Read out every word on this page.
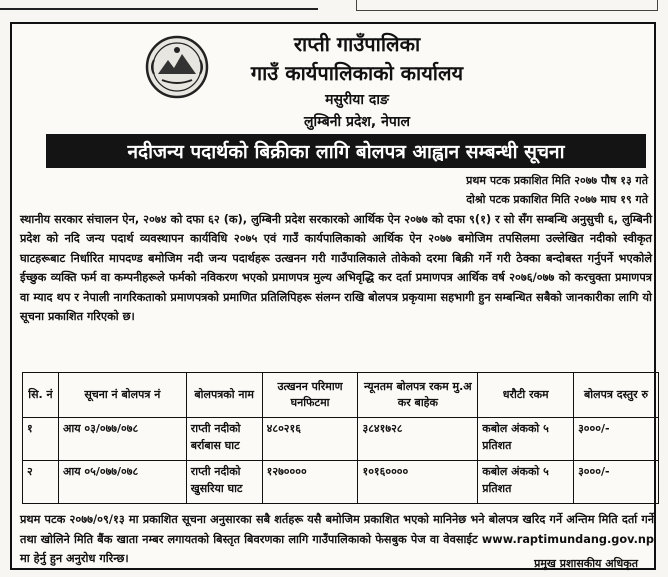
राप्ती गाउँपालिका
गाउँ कार्यपालिकाको कार्यालय
मसुरीया दाङ
लुम्बिनी प्रदेश, नेपाल
नदीजन्य पदार्थको बिक्रीका लागि बोलपत्र आह्वान सम्बन्धी सूचना
प्रथम पटक प्रकाशित मिति २०७७ पौष १३ गते
दोश्रो पटक प्रकाशित मिति २०७७ माघ १९ गते
स्थानीय सरकार संचालन ऐन, २०७४ को दफा ६२ (क), लुम्बिनी प्रदेश सरकारको आर्थिक ऐन २०७७ को दफा ९(१) र सो सँग सम्बन्धि अनुसुची ६, लुम्बिनी प्रदेश को नदि जन्य पदार्थ व्यवस्थापन कार्यविधि २०७५ एवं गाउँ कार्यपालिकाको आर्थिक ऐन २०७७ बमोजिम तपसिलमा उल्लेखित नदीको स्वीकृत घाटहरूबाट निर्धारित मापदण्ड बमोजिम नदी जन्य पदार्थहरू उत्खनन गरी गाउँपालिकाले तोकेको दरमा बिक्री गर्ने गरी ठेक्का बन्दोबस्त गर्नुपर्ने भएकोले ईच्छुक व्यक्ति फर्म वा कम्पनीहरूले फर्मको नविकरण भएको प्रमाणपत्र मुल्य अभिवृद्धि कर दर्ता प्रमाणपत्र आर्थिक वर्ष २०७६/०७७ को करचुक्ता प्रमाणपत्र वा म्याद थप र नेपाली नागरिकताको प्रमाणपत्रको प्रमाणित प्रतिलिपिहरू संलग्न राखि बोलपत्र प्रकृयामा सहभागी हुन सम्बन्धित सबैको जानकारीका लागि यो सूचना प्रकाशित गरिएको छ।
सि. नं	सूचना नं बोलपत्र नं	बोलपत्रको नाम	उत्खनन परिमाण घनफिटमा	न्यूनतम बोलपत्र रकम मु.अ कर बाहेक	धरौटी रकम	बोलपत्र दस्तुर रु
१	आय ०३/०७७/०७८	राप्ती नदीको बर्राबास घाट	४८०२१६	३८४१७२८	कबोल अंकको ५ प्रतिशत	३०००/-
२	आय ०५/०७७/०७८	राप्ती नदीको खुसरिया घाट	१२७००००	१०१६००००	कबोल अंकको ५ प्रतिशत	३०००/-
प्रथम पटक २०७७/०९/१३ मा प्रकाशित सूचना अनुसारका सबै शर्तहरू यसै बमोजिम प्रकाशित भएको मानिनेछ भने बोलपत्र खरिद गर्ने अन्तिम मिति दर्ता गर्ने तथा खोलिने मिति बैंक खाता नम्बर लगायतको बिस्तृत बिवरणका लागि गाउँपालिकाको फेसबुक पेज वा वेवसाईट www.raptimundang.gov.np मा हेर्नु हुन अनुरोध गरिन्छ।	प्रमुख प्रशासकीय अधिकृत
